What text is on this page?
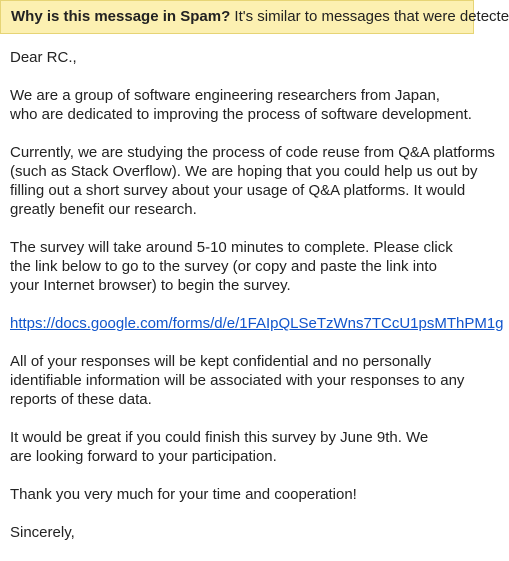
Why is this message in Spam? It's similar to messages that were detecte

Dear RC.,

We are a group of software engineering researchers from Japan,
who are dedicated to improving the process of software development.

Currently, we are studying the process of code reuse from Q&A platforms
(such as Stack Overflow). We are hoping that you could help us out by
filling out a short survey about your usage of Q&A platforms. It would
greatly benefit our research.

The survey will take around 5-10 minutes to complete. Please click
the link below to go to the survey (or copy and paste the link into
your Internet browser) to begin the survey.

https://docs.google.com/forms/d/e/1FAIpQLSeTzWns7TCcU1psMThPM1g

All of your responses will be kept confidential and no personally
identifiable information will be associated with your responses to any
reports of these data.

It would be great if you could finish this survey by June 9th. We
are looking forward to your participation.

Thank you very much for your time and cooperation!

Sincerely,
